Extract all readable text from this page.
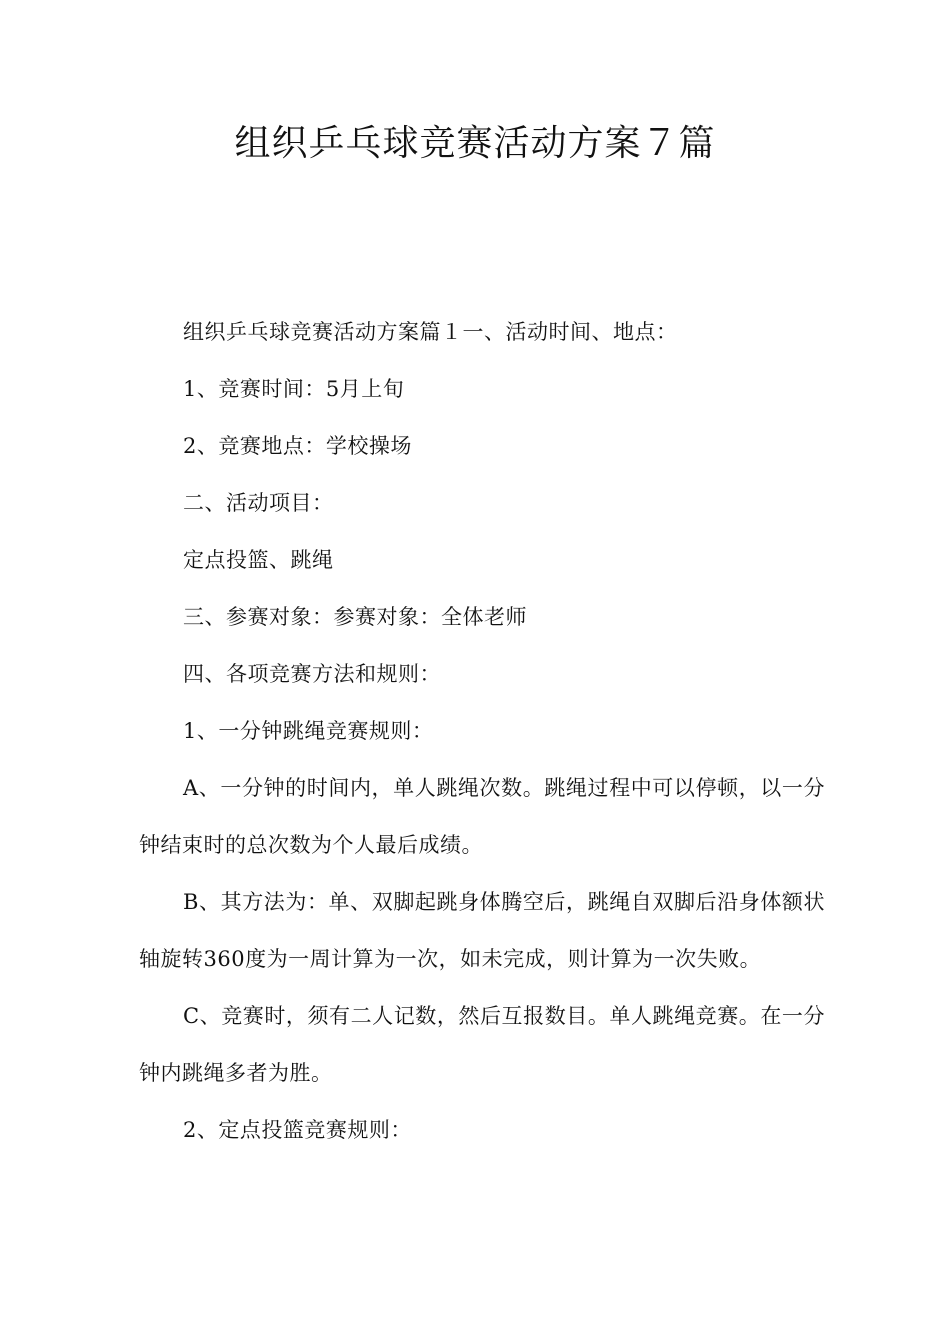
组织乒乓球竞赛活动方案７篇

组织乒乓球竞赛活动方案篇１一、活动时间、地点：

1、竞赛时间：5月上旬

2、竞赛地点：学校操场

二、活动项目：

定点投篮、跳绳

三、参赛对象：参赛对象：全体老师

四、各项竞赛方法和规则：

1、一分钟跳绳竞赛规则：

A、一分钟的时间内，单人跳绳次数。跳绳过程中可以停顿，以一分钟结束时的总次数为个人最后成绩。

B、其方法为：单、双脚起跳身体腾空后，跳绳自双脚后沿身体额状轴旋转360度为一周计算为一次，如未完成，则计算为一次失败。

C、竞赛时，须有二人记数，然后互报数目。单人跳绳竞赛。在一分钟内跳绳多者为胜。

2、定点投篮竞赛规则：
